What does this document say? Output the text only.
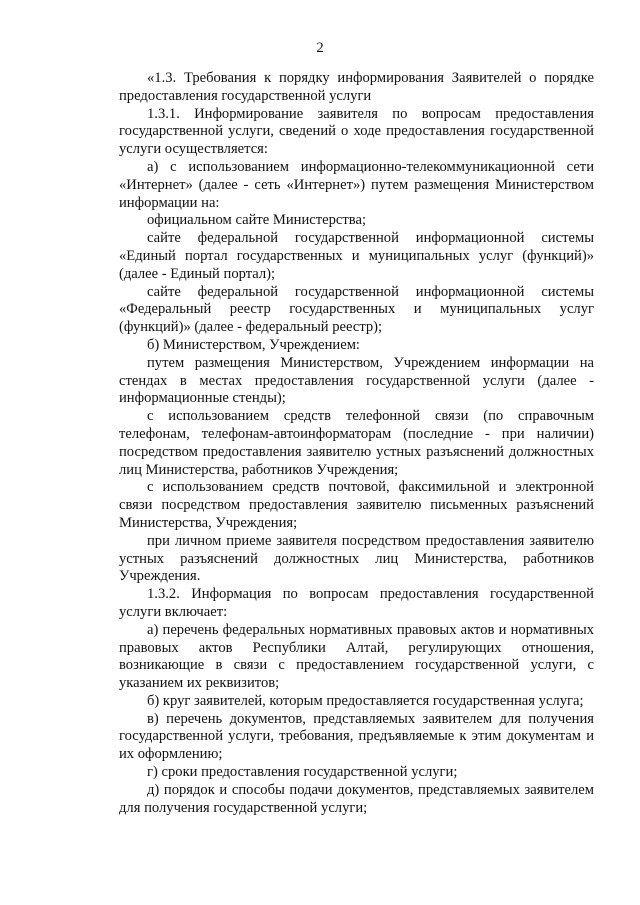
2

«1.3. Требования к порядку информирования Заявителей о порядке предоставления государственной услуги

1.3.1. Информирование заявителя по вопросам предоставления государственной услуги, сведений о ходе предоставления государственной услуги осуществляется:

а) с использованием информационно-телекоммуникационной сети «Интернет» (далее - сеть «Интернет») путем размещения Министерством информации на:

официальном сайте Министерства;

сайте федеральной государственной информационной системы «Единый портал государственных и муниципальных услуг (функций)» (далее - Единый портал);

сайте федеральной государственной информационной системы «Федеральный реестр государственных и муниципальных услуг (функций)» (далее - федеральный реестр);

б) Министерством, Учреждением:

путем размещения Министерством, Учреждением информации на стендах в местах предоставления государственной услуги (далее - информационные стенды);

с использованием средств телефонной связи (по справочным телефонам, телефонам-автоинформаторам (последние - при наличии) посредством предоставления заявителю устных разъяснений должностных лиц Министерства, работников Учреждения;

с использованием средств почтовой, факсимильной и электронной связи посредством предоставления заявителю письменных разъяснений Министерства, Учреждения;

при личном приеме заявителя посредством предоставления заявителю устных разъяснений должностных лиц Министерства, работников Учреждения.

1.3.2. Информация по вопросам предоставления государственной услуги включает:

а) перечень федеральных нормативных правовых актов и нормативных правовых актов Республики Алтай, регулирующих отношения, возникающие в связи с предоставлением государственной услуги, с указанием их реквизитов;

б) круг заявителей, которым предоставляется государственная услуга;

в) перечень документов, представляемых заявителем для получения государственной услуги, требования, предъявляемые к этим документам и их оформлению;

г) сроки предоставления государственной услуги;

д) порядок и способы подачи документов, представляемых заявителем для получения государственной услуги;
